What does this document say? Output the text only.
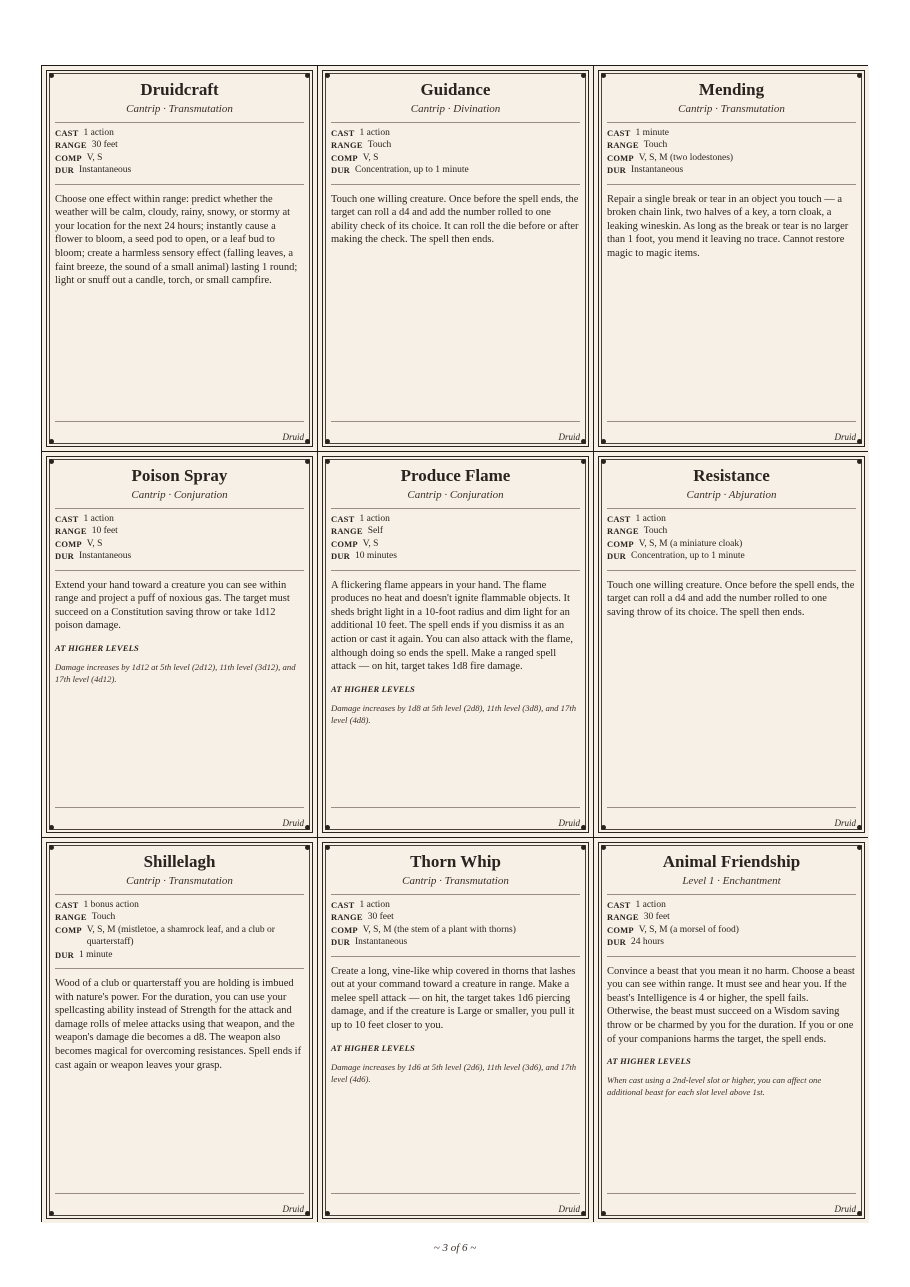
Druidcraft
Cantrip · Transmutation
CAST 1 action
RANGE 30 feet
COMP V, S
DUR Instantaneous
Choose one effect within range: predict whether the weather will be calm, cloudy, rainy, snowy, or stormy at your location for the next 24 hours; instantly cause a flower to bloom, a seed pod to open, or a leaf bud to bloom; create a harmless sensory effect (falling leaves, a faint breeze, the sound of a small animal) lasting 1 round; light or snuff out a candle, torch, or small campfire.
Druid
Guidance
Cantrip · Divination
CAST 1 action
RANGE Touch
COMP V, S
DUR Concentration, up to 1 minute
Touch one willing creature. Once before the spell ends, the target can roll a d4 and add the number rolled to one ability check of its choice. It can roll the die before or after making the check. The spell then ends.
Druid
Mending
Cantrip · Transmutation
CAST 1 minute
RANGE Touch
COMP V, S, M (two lodestones)
DUR Instantaneous
Repair a single break or tear in an object you touch — a broken chain link, two halves of a key, a torn cloak, a leaking wineskin. As long as the break or tear is no larger than 1 foot, you mend it leaving no trace. Cannot restore magic to magic items.
Druid
Poison Spray
Cantrip · Conjuration
CAST 1 action
RANGE 10 feet
COMP V, S
DUR Instantaneous
Extend your hand toward a creature you can see within range and project a puff of noxious gas. The target must succeed on a Constitution saving throw or take 1d12 poison damage.
AT HIGHER LEVELS
Damage increases by 1d12 at 5th level (2d12), 11th level (3d12), and 17th level (4d12).
Druid
Produce Flame
Cantrip · Conjuration
CAST 1 action
RANGE Self
COMP V, S
DUR 10 minutes
A flickering flame appears in your hand. The flame produces no heat and doesn't ignite flammable objects. It sheds bright light in a 10-foot radius and dim light for an additional 10 feet. The spell ends if you dismiss it as an action or cast it again. You can also attack with the flame, although doing so ends the spell. Make a ranged spell attack — on hit, target takes 1d8 fire damage.
AT HIGHER LEVELS
Damage increases by 1d8 at 5th level (2d8), 11th level (3d8), and 17th level (4d8).
Druid
Resistance
Cantrip · Abjuration
CAST 1 action
RANGE Touch
COMP V, S, M (a miniature cloak)
DUR Concentration, up to 1 minute
Touch one willing creature. Once before the spell ends, the target can roll a d4 and add the number rolled to one saving throw of its choice. The spell then ends.
Druid
Shillelagh
Cantrip · Transmutation
CAST 1 bonus action
RANGE Touch
COMP V, S, M (mistletoe, a shamrock leaf, and a club or quarterstaff)
DUR 1 minute
Wood of a club or quarterstaff you are holding is imbued with nature's power. For the duration, you can use your spellcasting ability instead of Strength for the attack and damage rolls of melee attacks using that weapon, and the weapon's damage die becomes a d8. The weapon also becomes magical for overcoming resistances. Spell ends if cast again or weapon leaves your grasp.
Druid
Thorn Whip
Cantrip · Transmutation
CAST 1 action
RANGE 30 feet
COMP V, S, M (the stem of a plant with thorns)
DUR Instantaneous
Create a long, vine-like whip covered in thorns that lashes out at your command toward a creature in range. Make a melee spell attack — on hit, the target takes 1d6 piercing damage, and if the creature is Large or smaller, you pull it up to 10 feet closer to you.
AT HIGHER LEVELS
Damage increases by 1d6 at 5th level (2d6), 11th level (3d6), and 17th level (4d6).
Druid
Animal Friendship
Level 1 · Enchantment
CAST 1 action
RANGE 30 feet
COMP V, S, M (a morsel of food)
DUR 24 hours
Convince a beast that you mean it no harm. Choose a beast you can see within range. It must see and hear you. If the beast's Intelligence is 4 or higher, the spell fails. Otherwise, the beast must succeed on a Wisdom saving throw or be charmed by you for the duration. If you or one of your companions harms the target, the spell ends.
AT HIGHER LEVELS
When cast using a 2nd-level slot or higher, you can affect one additional beast for each slot level above 1st.
Druid
~ 3 of 6 ~
